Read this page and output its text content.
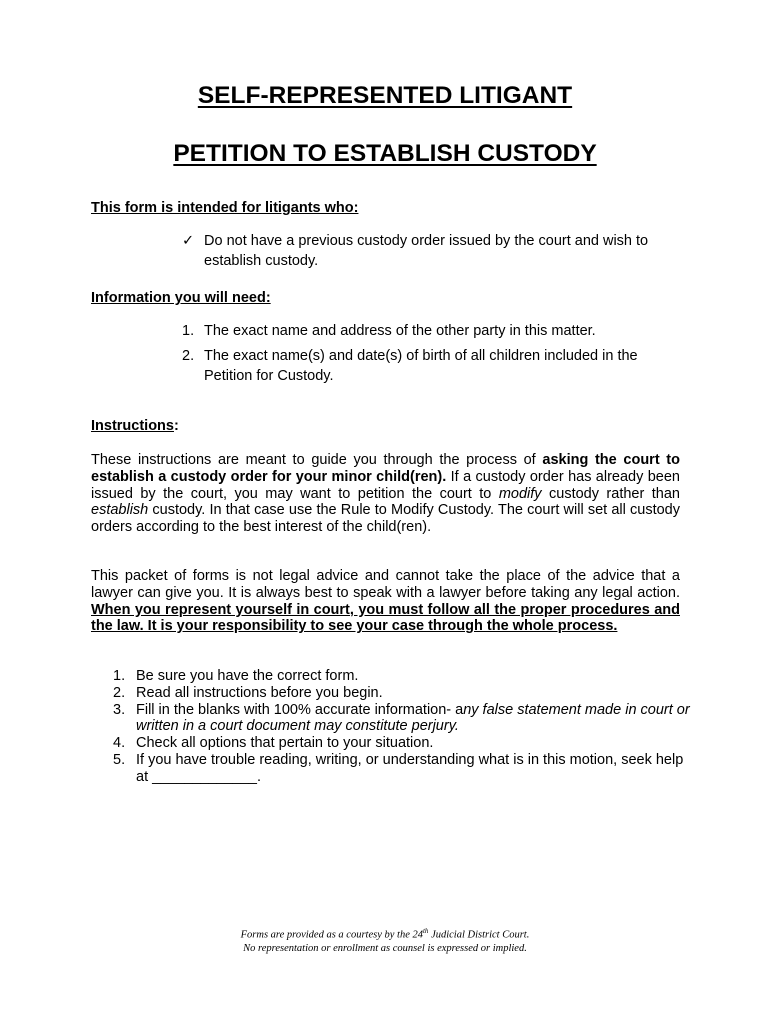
SELF-REPRESENTED LITIGANT
PETITION TO ESTABLISH CUSTODY
This form is intended for litigants who:
✓ Do not have a previous custody order issued by the court and wish to establish custody.
Information you will need:
1. The exact name and address of the other party in this matter.
2. The exact name(s) and date(s) of birth of all children included in the Petition for Custody.
Instructions:

These instructions are meant to guide you through the process of asking the court to establish a custody order for your minor child(ren). If a custody order has already been issued by the court, you may want to petition the court to modify custody rather than establish custody. In that case use the Rule to Modify Custody. The court will set all custody orders according to the best interest of the child(ren).

This packet of forms is not legal advice and cannot take the place of the advice that a lawyer can give you. It is always best to speak with a lawyer before taking any legal action. When you represent yourself in court, you must follow all the proper procedures and the law. It is your responsibility to see your case through the whole process.

1. Be sure you have the correct form.
2. Read all instructions before you begin.
3. Fill in the blanks with 100% accurate information- any false statement made in court or written in a court document may constitute perjury.
4. Check all options that pertain to your situation.
5. If you have trouble reading, writing, or understanding what is in this motion, seek help at _____________.
Forms are provided as a courtesy by the 24th Judicial District Court.
No representation or enrollment as counsel is expressed or implied.
